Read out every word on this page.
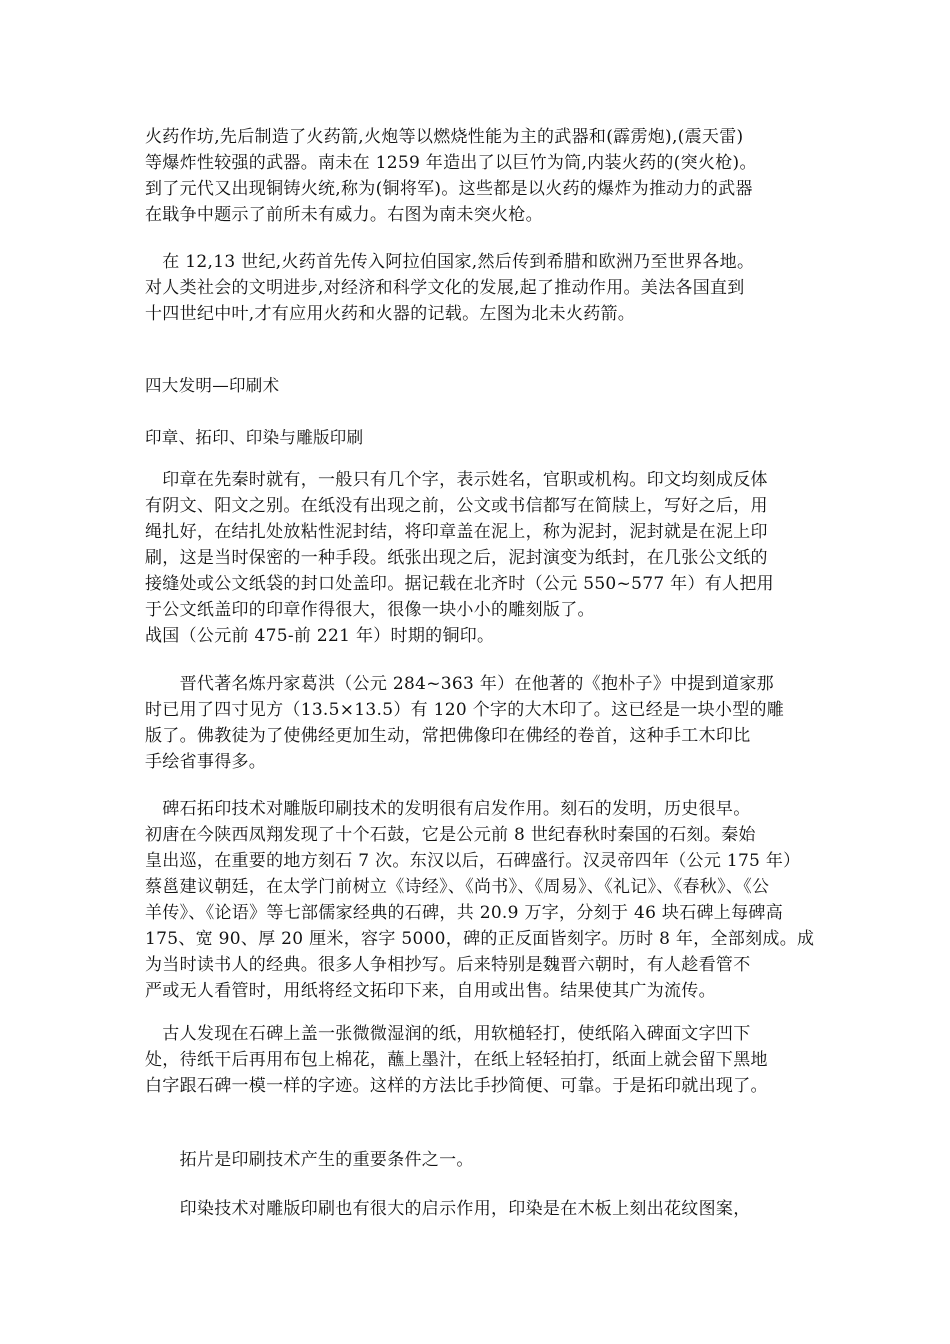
火药作坊,先后制造了火药箭,火炮等以燃烧性能为主的武器和(霹雳炮),(震天雷)
等爆炸性较强的武器。南未在 1259 年造出了以巨竹为筒,内装火药的(突火枪)。
到了元代又出现铜铸火统,称为(铜将军)。这些都是以火药的爆炸为推动力的武器
在戢争中题示了前所未有威力。右图为南未突火枪。
　在 12,13 世纪,火药首先传入阿拉伯国家,然后传到希腊和欧洲乃至世界各地。
对人类社会的文明进步,对经济和科学文化的发展,起了推动作用。美法各国直到
十四世纪中叶,才有应用火药和火器的记载。左图为北未火药箭。
四大发明—印刷术
印章、拓印、印染与雕版印刷
　印章在先秦时就有，一般只有几个字，表示姓名，官职或机构。印文均刻成反体
有阴文、阳文之别。在纸没有出现之前，公文或书信都写在简牍上，写好之后，用
绳扎好，在结扎处放粘性泥封结，将印章盖在泥上，称为泥封，泥封就是在泥上印
刷，这是当时保密的一种手段。纸张出现之后，泥封演变为纸封，在几张公文纸的
接缝处或公文纸袋的封口处盖印。据记载在北齐时（公元 550~577 年）有人把用
于公文纸盖印的印章作得很大，很像一块小小的雕刻版了。
战国（公元前 475-前 221 年）时期的铜印。
　　晋代著名炼丹家葛洪（公元 284~363 年）在他著的《抱朴子》中提到道家那
时已用了四寸见方（13.5×13.5）有 120 个字的大木印了。这已经是一块小型的雕
版了。佛教徒为了使佛经更加生动，常把佛像印在佛经的卷首，这种手工木印比
手绘省事得多。
　碑石拓印技术对雕版印刷技术的发明很有启发作用。刻石的发明，历史很早。
初唐在今陕西凤翔发现了十个石鼓，它是公元前 8 世纪春秋时秦国的石刻。秦始
皇出巡，在重要的地方刻石 7 次。东汉以后，石碑盛行。汉灵帝四年（公元 175 年）
蔡邕建议朝廷，在太学门前树立《诗经》、《尚书》、《周易》、《礼记》、《春秋》、《公
羊传》、《论语》等七部儒家经典的石碑，共 20.9 万字，分刻于 46 块石碑上每碑高
175、宽 90、厚 20 厘米，容字 5000，碑的正反面皆刻字。历时 8 年，全部刻成。成
为当时读书人的经典。很多人争相抄写。后来特别是魏晋六朝时，有人趁看管不
严或无人看管时，用纸将经文拓印下来，自用或出售。结果使其广为流传。
　古人发现在石碑上盖一张微微湿润的纸，用软槌轻打，使纸陷入碑面文字凹下
处，待纸干后再用布包上棉花，蘸上墨汁，在纸上轻轻拍打，纸面上就会留下黑地
白字跟石碑一模一样的字迹。这样的方法比手抄简便、可靠。于是拓印就出现了。
　　拓片是印刷技术产生的重要条件之一。
　　印染技术对雕版印刷也有很大的启示作用，印染是在木板上刻出花纹图案，
